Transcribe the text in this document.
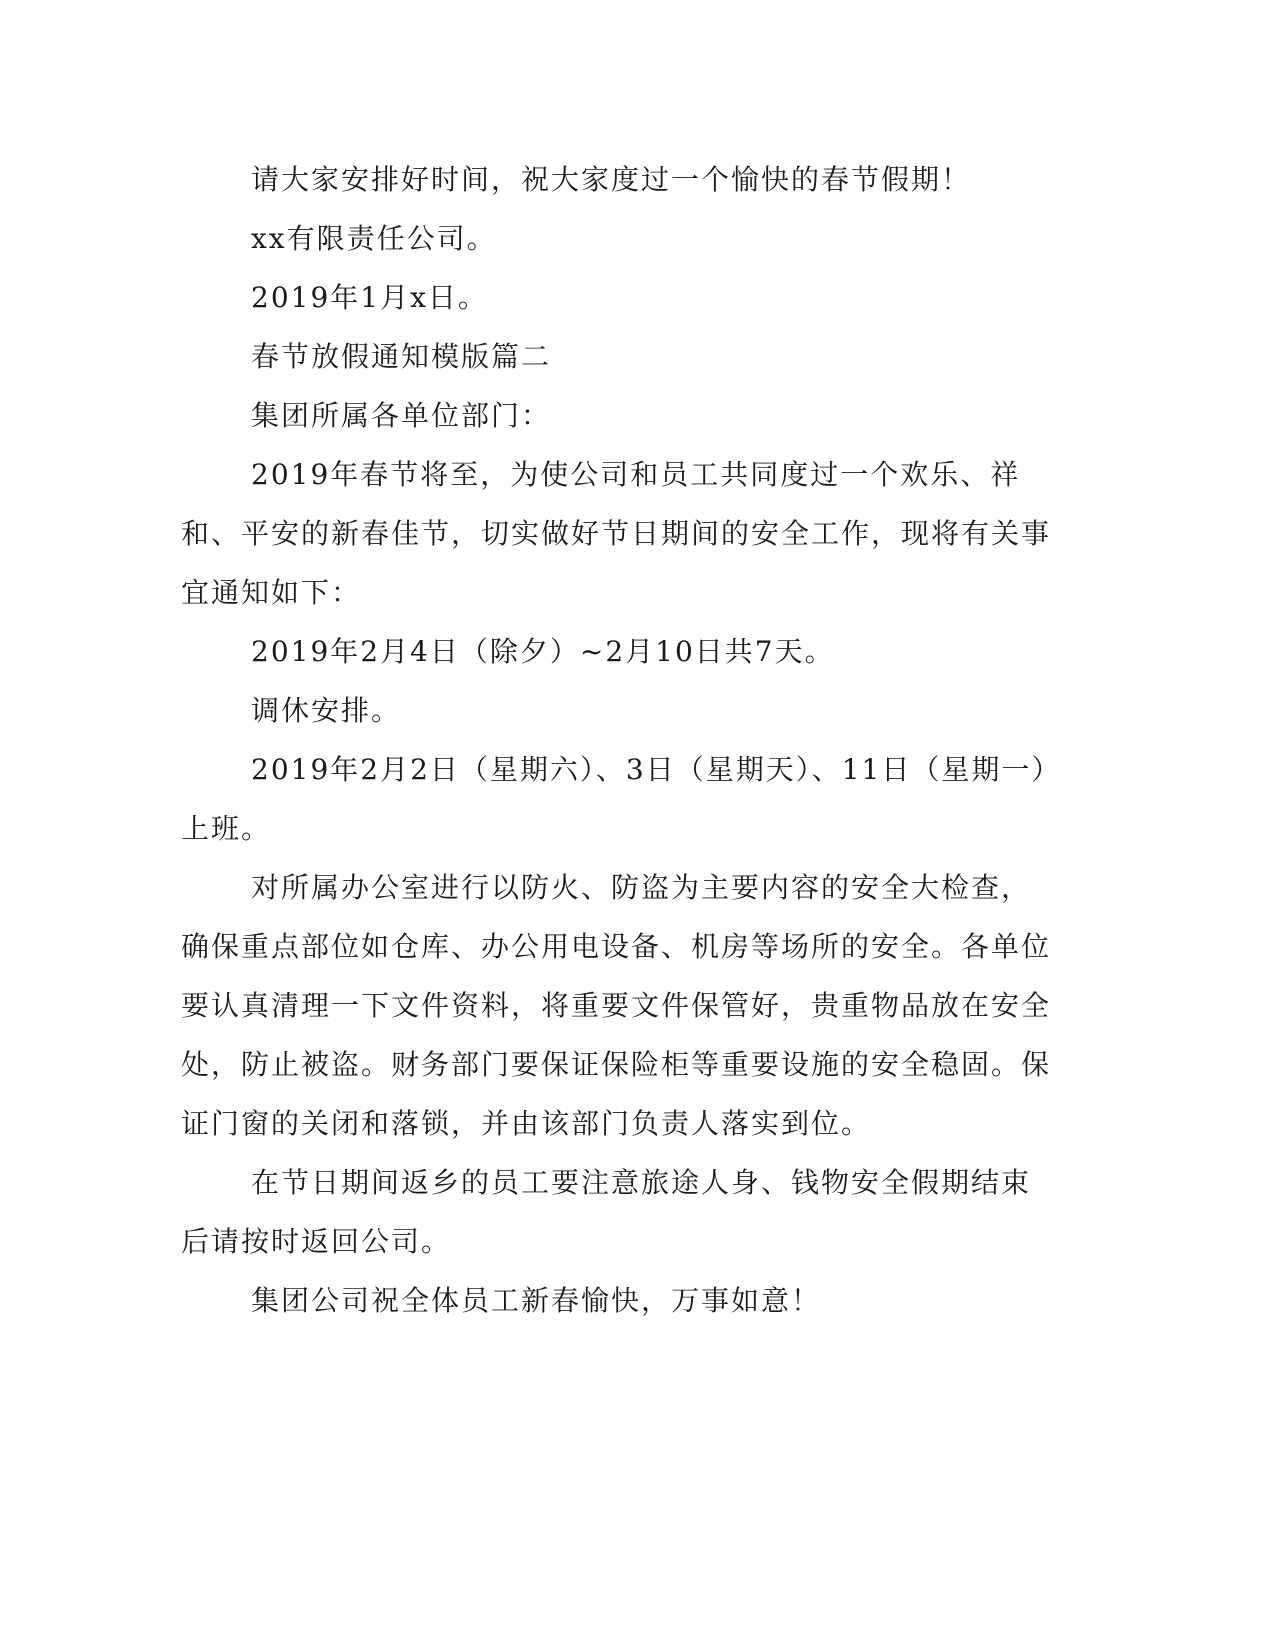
请大家安排好时间，祝大家度过一个愉快的春节假期！

xx有限责任公司。

2019年1月x日。

春节放假通知模版篇二

集团所属各单位部门：

2019年春节将至，为使公司和员工共同度过一个欢乐、祥和、平安的新春佳节，切实做好节日期间的安全工作，现将有关事宜通知如下：

2019年2月4日（除夕）~2月10日共7天。

调休安排。

2019年2月2日（星期六）、3日（星期天）、11日（星期一）上班。

对所属办公室进行以防火、防盗为主要内容的安全大检查，确保重点部位如仓库、办公用电设备、机房等场所的安全。各单位要认真清理一下文件资料，将重要文件保管好，贵重物品放在安全处，防止被盗。财务部门要保证保险柜等重要设施的安全稳固。保证门窗的关闭和落锁，并由该部门负责人落实到位。

在节日期间返乡的员工要注意旅途人身、钱物安全假期结束后请按时返回公司。

集团公司祝全体员工新春愉快，万事如意！
